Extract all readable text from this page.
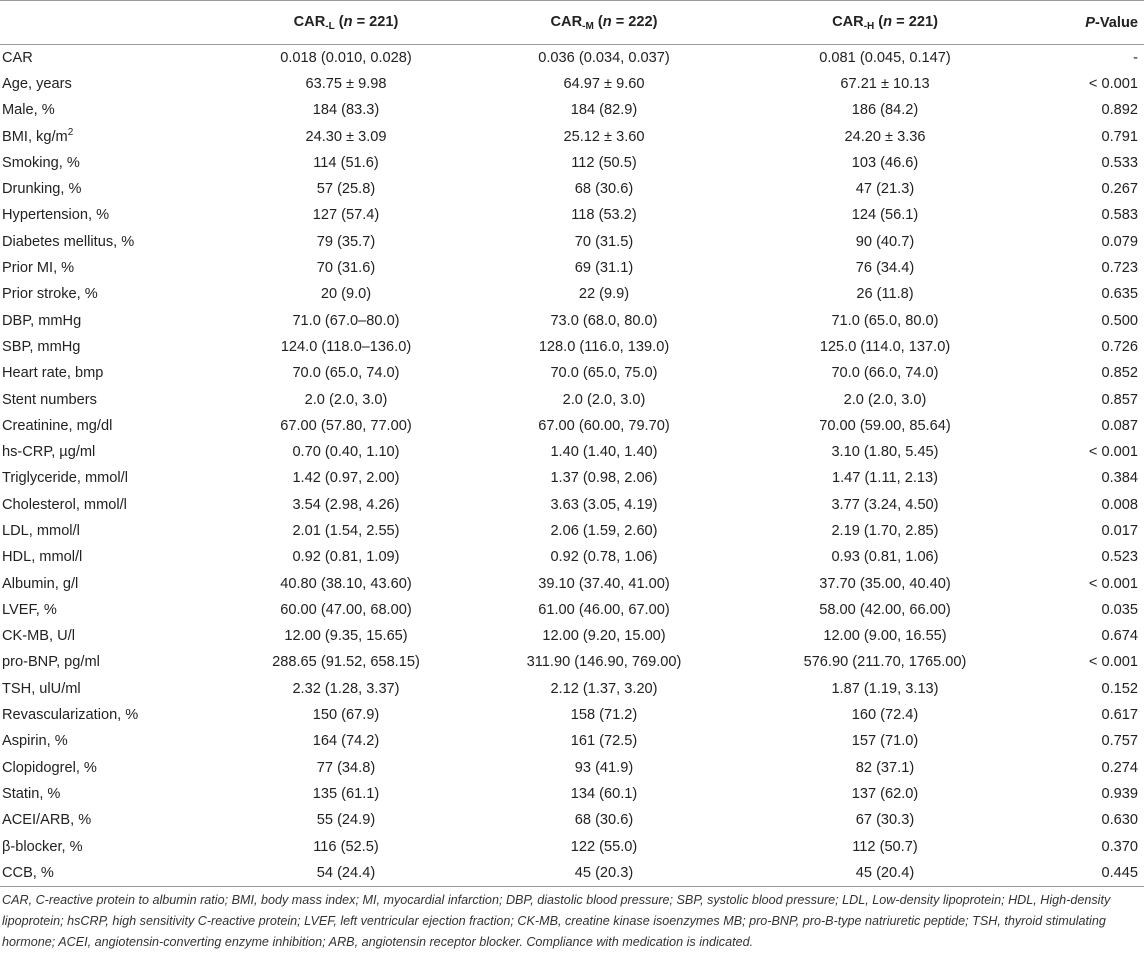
	$CAR_{-L}$ (n = 221)	$CAR_{-M}$ (n = 222)	$CAR_{-H}$ (n = 221)	P-Value
CAR	0.018 (0.010, 0.028)	0.036 (0.034, 0.037)	0.081 (0.045, 0.147)	-
Age, years	63.75 ± 9.98	64.97 ± 9.60	67.21 ± 10.13	< 0.001
Male, %	184 (83.3)	184 (82.9)	186 (84.2)	0.892
BMI, $kg/m^2$	24.30 ± 3.09	25.12 ± 3.60	24.20 ± 3.36	0.791
Smoking, %	114 (51.6)	112 (50.5)	103 (46.6)	0.533
Drunking, %	57 (25.8)	68 (30.6)	47 (21.3)	0.267
Hypertension, %	127 (57.4)	118 (53.2)	124 (56.1)	0.583
Diabetes mellitus, %	79 (35.7)	70 (31.5)	90 (40.7)	0.079
Prior MI, %	70 (31.6)	69 (31.1)	76 (34.4)	0.723
Prior stroke, %	20 (9.0)	22 (9.9)	26 (11.8)	0.635
DBP, mmHg	71.0 (67.0–80.0)	73.0 (68.0, 80.0)	71.0 (65.0, 80.0)	0.500
SBP, mmHg	124.0 (118.0–136.0)	128.0 (116.0, 139.0)	125.0 (114.0, 137.0)	0.726
Heart rate, bmp	70.0 (65.0, 74.0)	70.0 (65.0, 75.0)	70.0 (66.0, 74.0)	0.852
Stent numbers	2.0 (2.0, 3.0)	2.0 (2.0, 3.0)	2.0 (2.0, 3.0)	0.857
Creatinine, mg/dl	67.00 (57.80, 77.00)	67.00 (60.00, 79.70)	70.00 (59.00, 85.64)	0.087
hs-CRP, µg/ml	0.70 (0.40, 1.10)	1.40 (1.40, 1.40)	3.10 (1.80, 5.45)	< 0.001
Triglyceride, mmol/l	1.42 (0.97, 2.00)	1.37 (0.98, 2.06)	1.47 (1.11, 2.13)	0.384
Cholesterol, mmol/l	3.54 (2.98, 4.26)	3.63 (3.05, 4.19)	3.77 (3.24, 4.50)	0.008
LDL, mmol/l	2.01 (1.54, 2.55)	2.06 (1.59, 2.60)	2.19 (1.70, 2.85)	0.017
HDL, mmol/l	0.92 (0.81, 1.09)	0.92 (0.78, 1.06)	0.93 (0.81, 1.06)	0.523
Albumin, g/l	40.80 (38.10, 43.60)	39.10 (37.40, 41.00)	37.70 (35.00, 40.40)	< 0.001
LVEF, %	60.00 (47.00, 68.00)	61.00 (46.00, 67.00)	58.00 (42.00, 66.00)	0.035
CK-MB, U/l	12.00 (9.35, 15.65)	12.00 (9.20, 15.00)	12.00 (9.00, 16.55)	0.674
pro-BNP, pg/ml	288.65 (91.52, 658.15)	311.90 (146.90, 769.00)	576.90 (211.70, 1765.00)	< 0.001
TSH, ulU/ml	2.32 (1.28, 3.37)	2.12 (1.37, 3.20)	1.87 (1.19, 3.13)	0.152
Revascularization, %	150 (67.9)	158 (71.2)	160 (72.4)	0.617
Aspirin, %	164 (74.2)	161 (72.5)	157 (71.0)	0.757
Clopidogrel, %	77 (34.8)	93 (41.9)	82 (37.1)	0.274
Statin, %	135 (61.1)	134 (60.1)	137 (62.0)	0.939
ACEI/ARB, %	55 (24.9)	68 (30.6)	67 (30.3)	0.630
β-blocker, %	116 (52.5)	122 (55.0)	112 (50.7)	0.370
CCB, %	54 (24.4)	45 (20.3)	45 (20.4)	0.445
CAR, C-reactive protein to albumin ratio; BMI, body mass index; MI, myocardial infarction; DBP, diastolic blood pressure; SBP, systolic blood pressure; LDL, Low-density lipoprotein; HDL, High-density lipoprotein; hsCRP, high sensitivity C-reactive protein; LVEF, left ventricular ejection fraction; CK-MB, creatine kinase isoenzymes MB; pro-BNP, pro-B-type natriuretic peptide; TSH, thyroid stimulating hormone; ACEI, angiotensin-converting enzyme inhibition; ARB, angiotensin receptor blocker. Compliance with medication is indicated.
